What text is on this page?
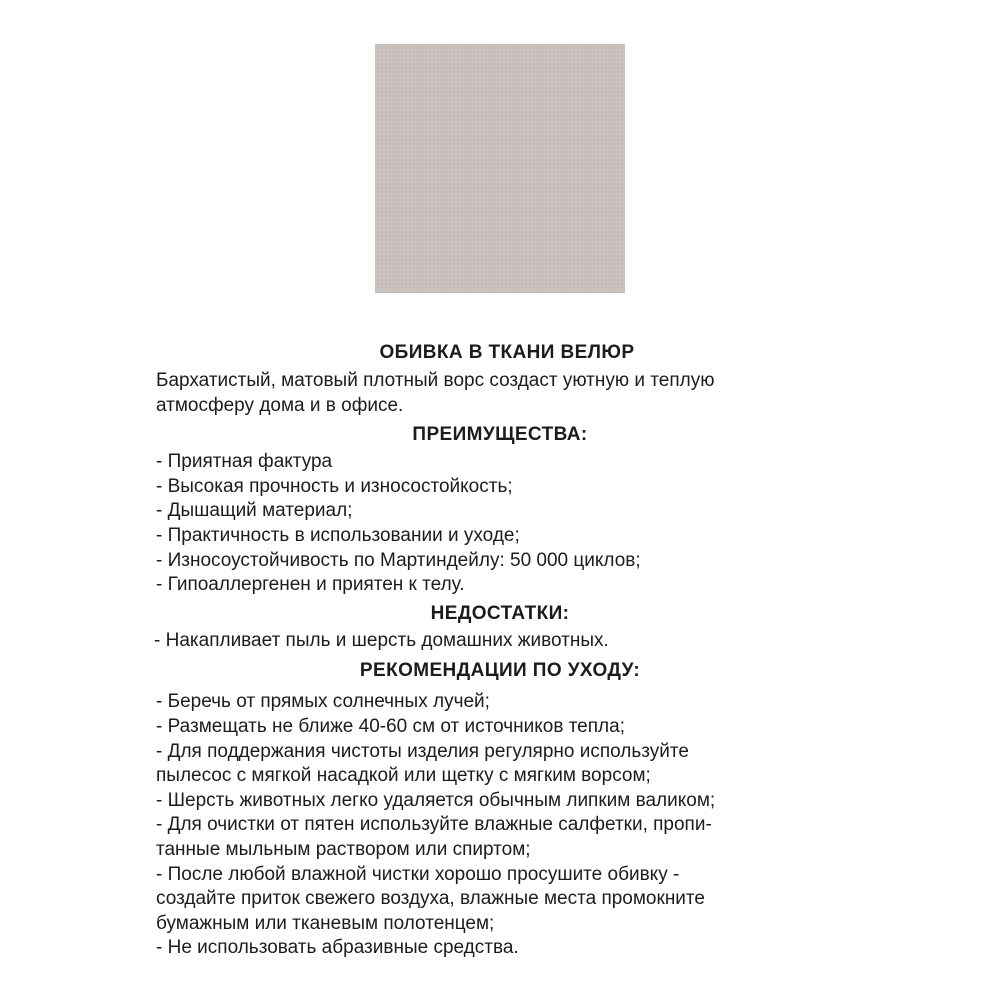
ОБИВКА В ТКАНИ ВЕЛЮР

Бархатистый, матовый плотный ворс создаст уютную и теплую

атмосферу дома и в офисе.

ПРЕИМУЩЕСТВА:

- Приятная фактура

- Высокая прочность и износостойкость;

- Дышащий материал;

- Практичность в использовании и уходе;

- Износоустойчивость по Мартиндейлу: 50 000 циклов;

- Гипоаллергенен и приятен к телу.

НЕДОСТАТКИ:

- Накапливает пыль и шерсть домашних животных.

РЕКОМЕНДАЦИИ ПО УХОДУ:

- Беречь от прямых солнечных лучей;

- Размещать не ближе 40-60 см от источников тепла;

- Для поддержания чистоты изделия регулярно используйте

пылесос с мягкой насадкой или щетку с мягким ворсом;

- Шерсть животных легко удаляется обычным липким валиком;

- Для очистки от пятен используйте влажные салфетки, пропи-

танные мыльным раствором или спиртом;

- После любой влажной чистки хорошо просушите обивку -

создайте приток свежего воздуха, влажные места промокните

бумажным или тканевым полотенцем;

- Не использовать абразивные средства.
